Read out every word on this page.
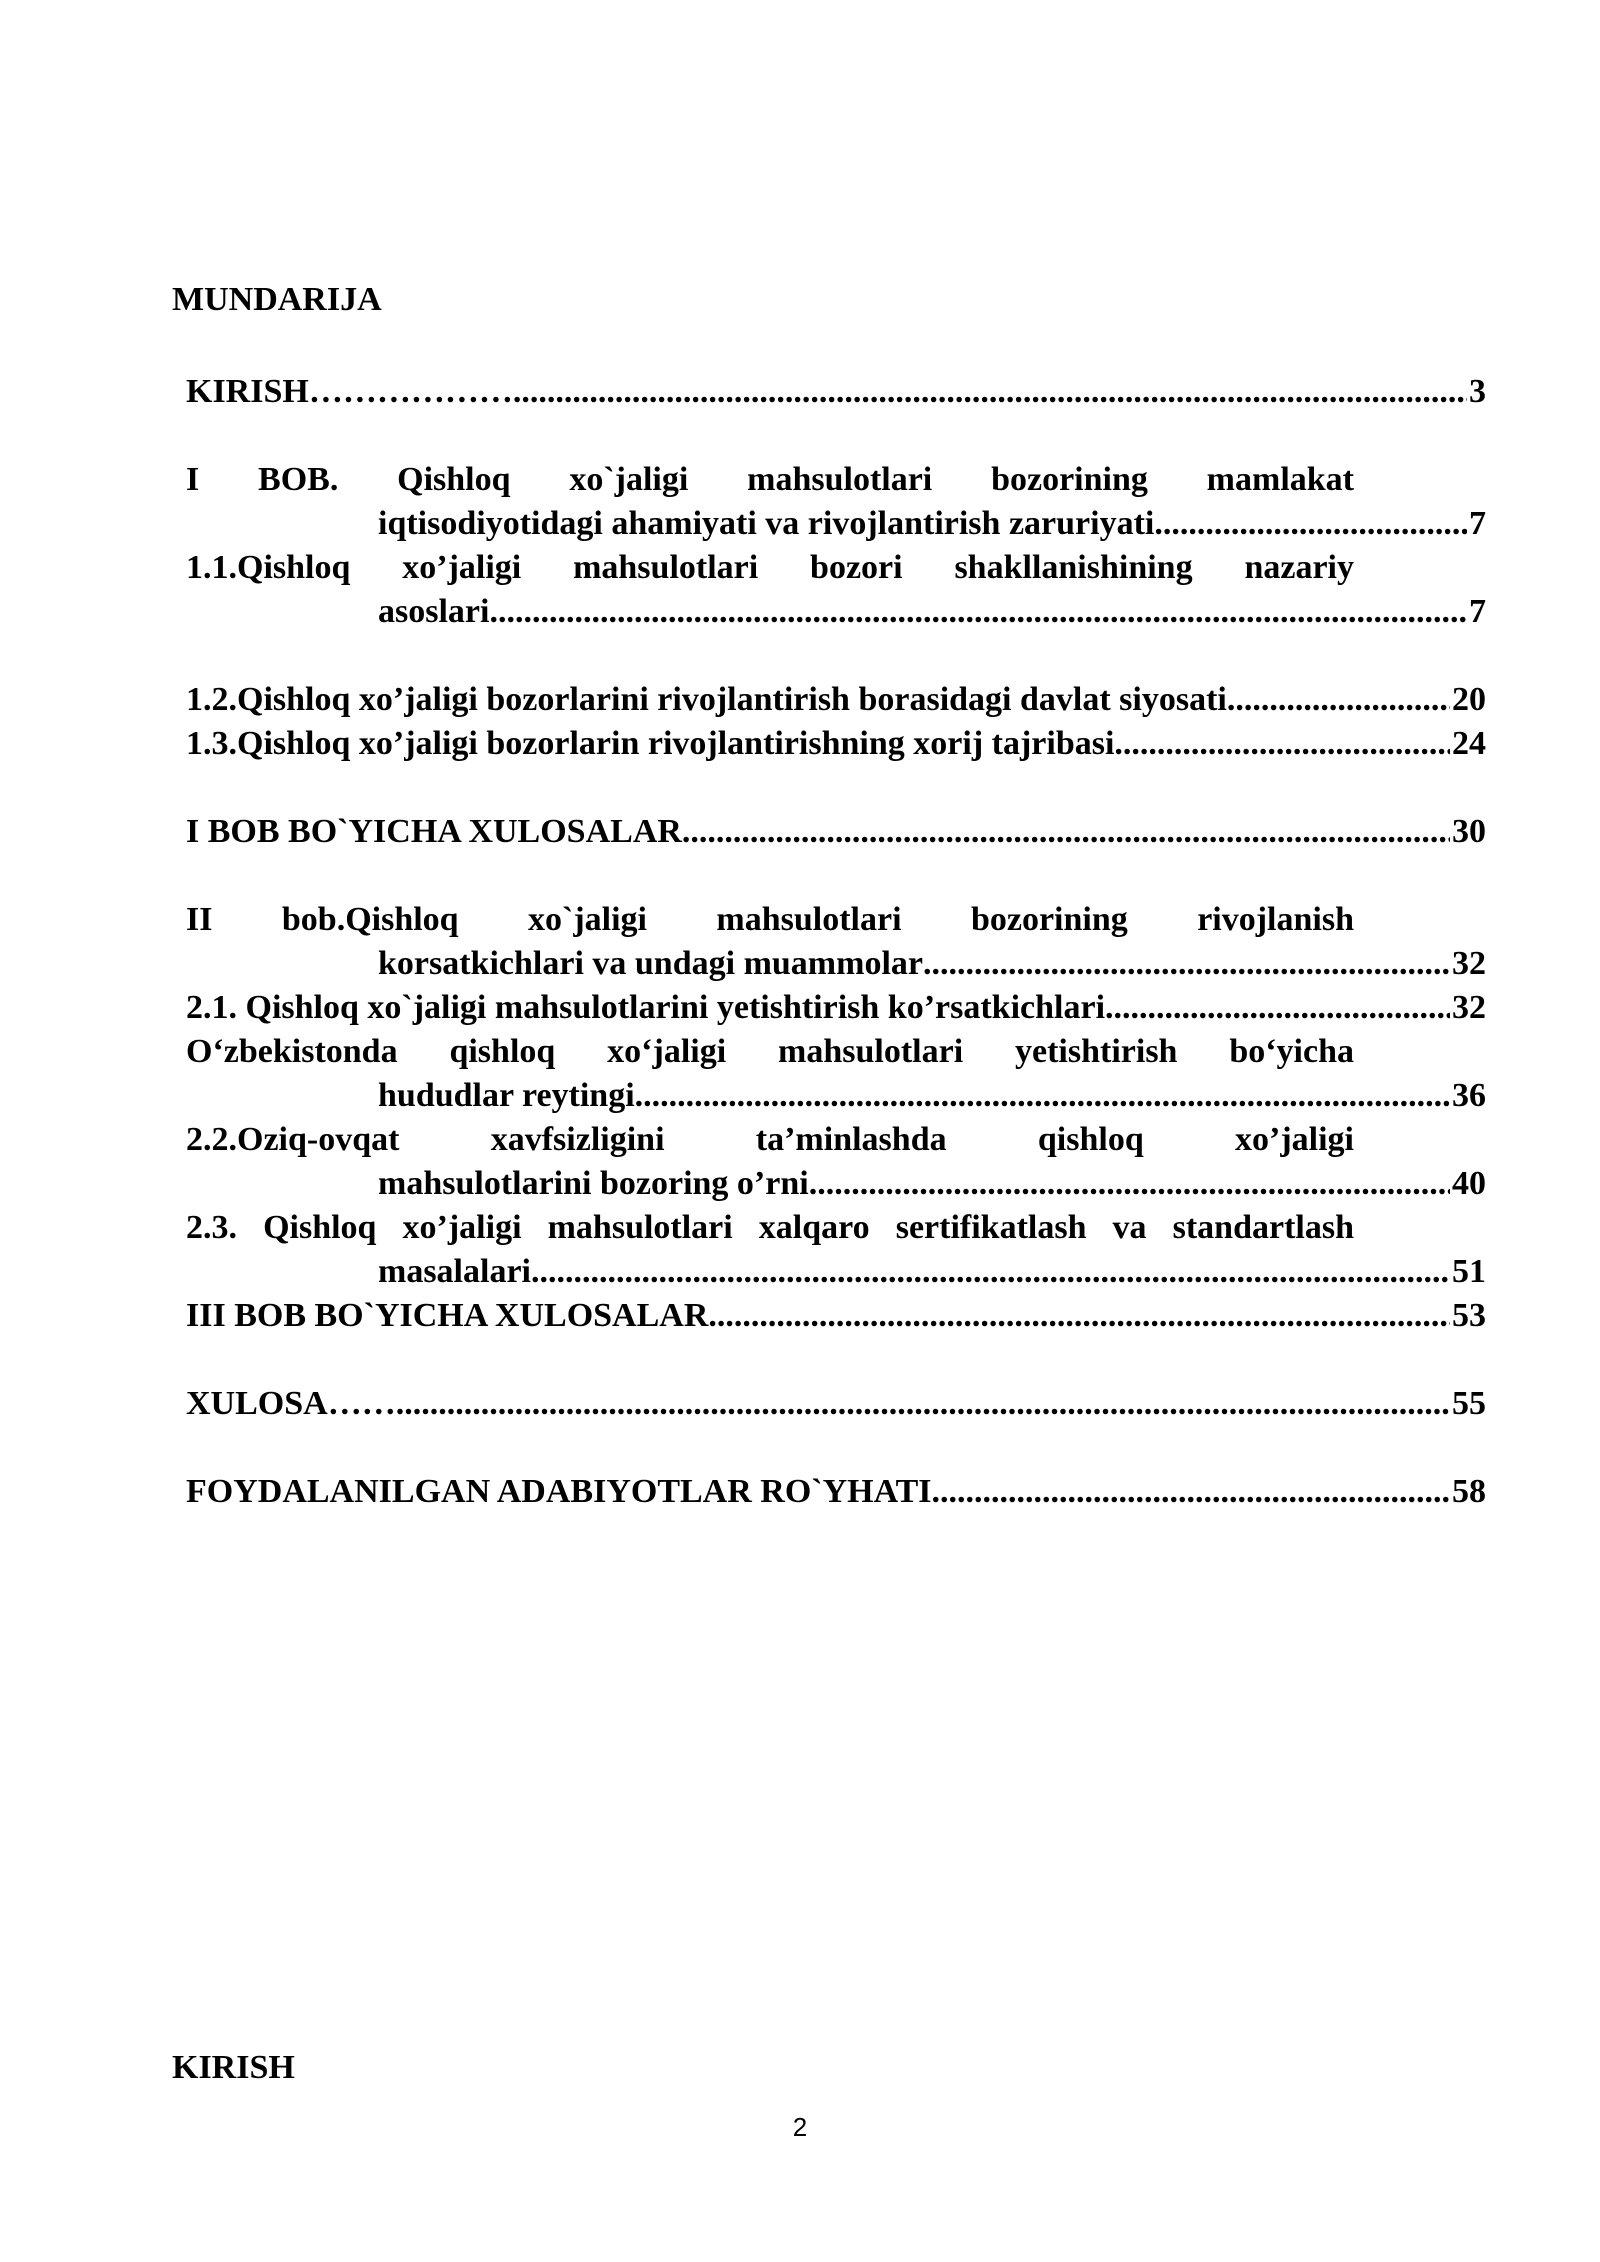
MUNDARIJA
KIRISH……………… .....	3
I BOB. Qishloq xo`jaligi mahsulotlari bozorining mamlakat
iqtisodiyotidagi ahamiyati va rivojlantirish zaruriyati .....	7
1.1.Qishloq xo’jaligi mahsulotlari bozori shakllanishining nazariy
asoslari .....	7
1.2.Qishloq xo’jaligi bozorlarini rivojlantirish borasidagi davlat siyosati .....	20
1.3.Qishloq xo’jaligi bozorlarin rivojlantirishning xorij tajribasi .....	24
I BOB BO`YICHA XULOSALAR .....	30
II bob.Qishloq xo`jaligi mahsulotlari bozorining rivojlanish
korsatkichlari va undagi muammolar .....	32
2.1. Qishloq xo`jaligi mahsulotlarini yetishtirish ko’rsatkichlari .....	32
O‘zbekistonda qishloq xo‘jaligi mahsulotlari yetishtirish bo‘yicha
hududlar reytingi .....	36
2.2.Oziq-ovqat xavfsizligini ta’minlashda qishloq xo’jaligi
mahsulotlarini bozoring o’rni .....	40
2.3. Qishloq xo’jaligi mahsulotlari xalqaro sertifikatlash va standartlash
masalalari .....	51
III BOB BO`YICHA XULOSALAR .....	53
XULOSA…… .....	55
FOYDALANILGAN ADABIYOTLAR RO`YHATI .....	58
KIRISH
2
